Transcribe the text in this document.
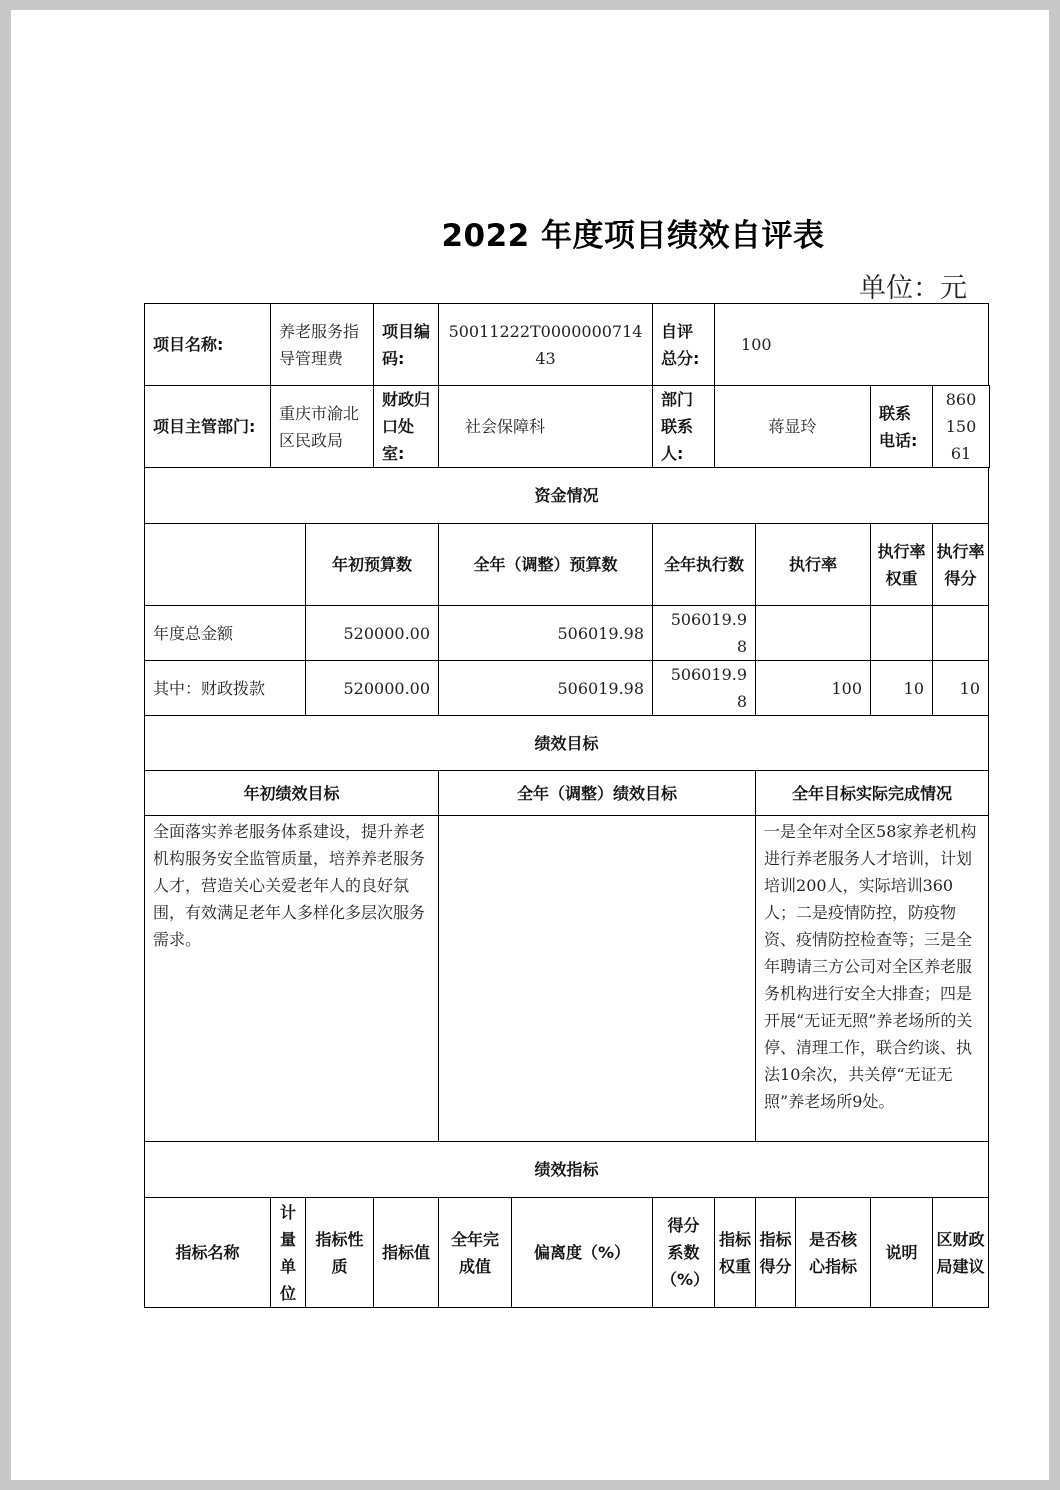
2022 年度项目绩效自评表
单位：元
项目名称:	养老服务指导管理费		项目编码:	50011222T000000071443		自评总分:	100				
项目主管部门:	重庆市渝北区民政局		财政归口处室:	社会保障科		部门联系人:	蒋显玲			联系电话:	86015061
资金情况											
		年初预算数		全年（调整）预算数		全年执行数		执行率		执行率权重	执行率得分
年度总金额		520000.00		506019.98		506019.98					
其中：财政拨款		520000.00		506019.98		506019.98		100		10	10
绩效目标											
年初绩效目标				全年（调整）绩效目标				全年目标实际完成情况			
全面落实养老服务体系建设，提升养老机构服务安全监管质量，培养养老服务人才，营造关心关爱老年人的良好氛围，有效满足老年人多样化多层次服务需求。								一是全年对全区58家养老机构进行养老服务人才培训，计划培训200人，实际培训360人；二是疫情防控，防疫物资、疫情防控检查等；三是全年聘请三方公司对全区养老服务机构进行安全大排查；四是开展“无证无照”养老场所的关停、清理工作，联合约谈、执法10余次，共关停“无证无照”养老场所9处。			
绩效指标											
指标名称	计量单位	指标性质	指标值	全年完成值	偏离度（%）	得分系数（%）	指标权重	指标得分	是否核心指标	说明	区财政局建议
